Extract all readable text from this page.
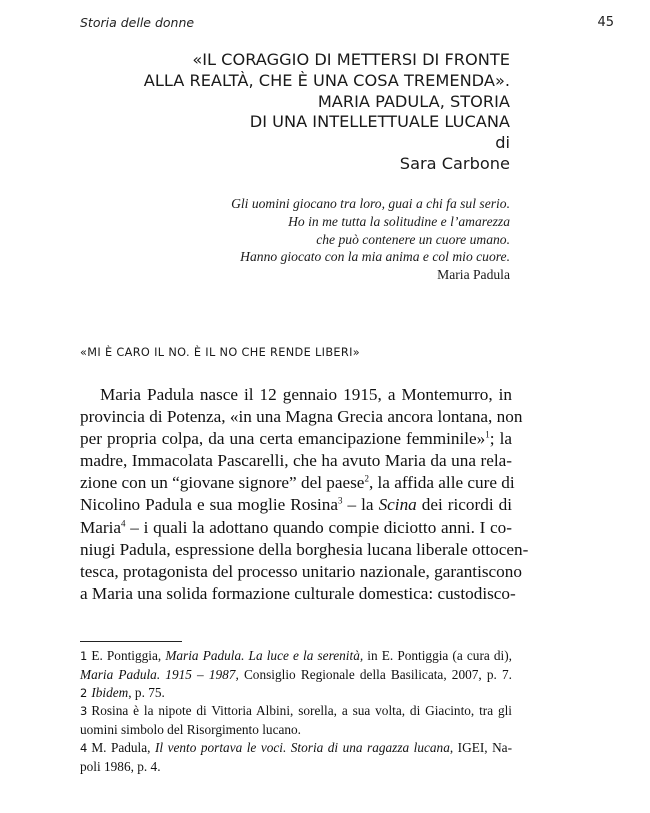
Storia delle donne	45
«IL CORAGGIO DI METTERSI DI FRONTE
ALLA REALTÀ, CHE È UNA COSA TREMENDA».
MARIA PADULA, STORIA
DI UNA INTELLETTUALE LUCANA
di
Sara Carbone
Gli uomini giocano tra loro, guai a chi fa sul serio.
Ho in me tutta la solitudine e l’amarezza
che può contenere un cuore umano.
Hanno giocato con la mia anima e col mio cuore.
Maria Padula
«MI È CARO IL NO. È IL NO CHE RENDE LIBERI»
Maria Padula nasce il 12 gennaio 1915, a Montemurro, in
provincia di Potenza, «in una Magna Grecia ancora lontana, non
per propria colpa, da una certa emancipazione femminile»$^1$; la
madre, Immacolata Pascarelli, che ha avuto Maria da una rela-
zione con un “giovane signore” del paese$^2$, la affida alle cure di
Nicolino Padula e sua moglie Rosina$^3$ – la Scina dei ricordi di
Maria$^4$ – i quali la adottano quando compie diciotto anni. I co-
niugi Padula, espressione della borghesia lucana liberale ottocen-
tesca, protagonista del processo unitario nazionale, garantiscono
a Maria una solida formazione culturale domestica: custodisco-
1 E. Pontiggia, Maria Padula. La luce e la serenità, in E. Pontiggia (a cura di),
Maria Padula. 1915 – 1987, Consiglio Regionale della Basilicata, 2007, p. 7.
2 Ibidem, p. 75.
3 Rosina è la nipote di Vittoria Albini, sorella, a sua volta, di Giacinto, tra gli
uomini simbolo del Risorgimento lucano.
4 M. Padula, Il vento portava le voci. Storia di una ragazza lucana, IGEI, Na-
poli 1986, p. 4.
